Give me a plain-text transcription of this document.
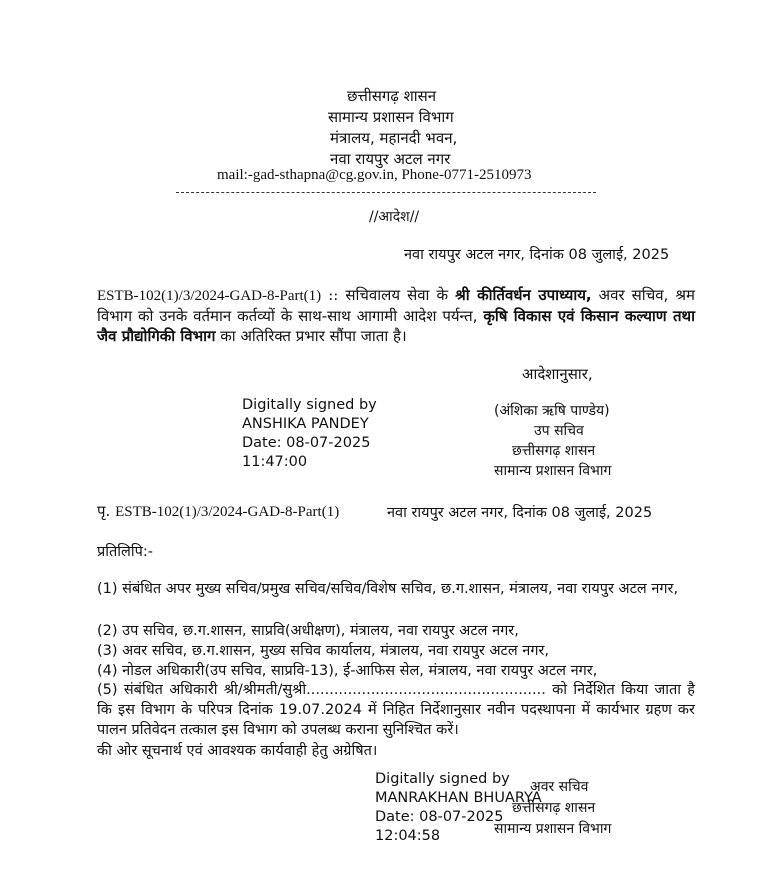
छत्तीसगढ़ शासन
सामान्य प्रशासन विभाग
मंत्रालय, महानदी भवन,
नवा रायपुर अटल नगर
mail:-gad-sthapna@cg.gov.in, Phone-0771-2510973
//आदेश//
नवा रायपुर अटल नगर, दिनांक 08 जुलाई, 2025
ESTB-102(1)/3/2024-GAD-8-Part(1) :: सचिवालय सेवा के श्री कीर्तिवर्धन उपाध्याय, अवर सचिव, श्रम विभाग को उनके वर्तमान कर्तव्यों के साथ-साथ आगामी आदेश पर्यन्त, कृषि विकास एवं किसान कल्याण तथा जैव प्रौद्योगिकी विभाग का अतिरिक्त प्रभार सौंपा जाता है।
आदेशानुसार,
Digitally signed by
ANSHIKA PANDEY
Date: 08-07-2025
11:47:00
(अंशिका ऋषि पाण्डेय)
उप सचिव
छत्तीसगढ़ शासन
सामान्य प्रशासन विभाग
पृ. ESTB-102(1)/3/2024-GAD-8-Part(1)	नवा रायपुर अटल नगर, दिनांक 08 जुलाई, 2025
प्रतिलिपि:-
(1) संबंधित अपर मुख्य सचिव/प्रमुख सचिव/सचिव/विशेष सचिव, छ.ग.शासन, मंत्रालय, नवा रायपुर अटल नगर,
(2) उप सचिव, छ.ग.शासन, साप्रवि(अधीक्षण), मंत्रालय, नवा रायपुर अटल नगर,
(3) अवर सचिव, छ.ग.शासन, मुख्य सचिव कार्यालय, मंत्रालय, नवा रायपुर अटल नगर,
(4) नोडल अधिकारी(उप सचिव, साप्रवि-13), ई-आफिस सेल, मंत्रालय, नवा रायपुर अटल नगर,
(5) संबंधित अधिकारी श्री/श्रीमती/सुश्री.................................................... को निर्देशित किया जाता है कि इस विभाग के परिपत्र दिनांक 19.07.2024 में निहित निर्देशानुसार नवीन पदस्थापना में कार्यभार ग्रहण कर पालन प्रतिवेदन तत्काल इस विभाग को उपलब्ध कराना सुनिश्चित करें।
की ओर सूचनार्थ एवं आवश्यक कार्यवाही हेतु अग्रेषित।
Digitally signed by
MANRAKHAN BHUARYA
Date: 08-07-2025
12:04:58
अवर सचिव
छत्तीसगढ़ शासन
सामान्य प्रशासन विभाग
